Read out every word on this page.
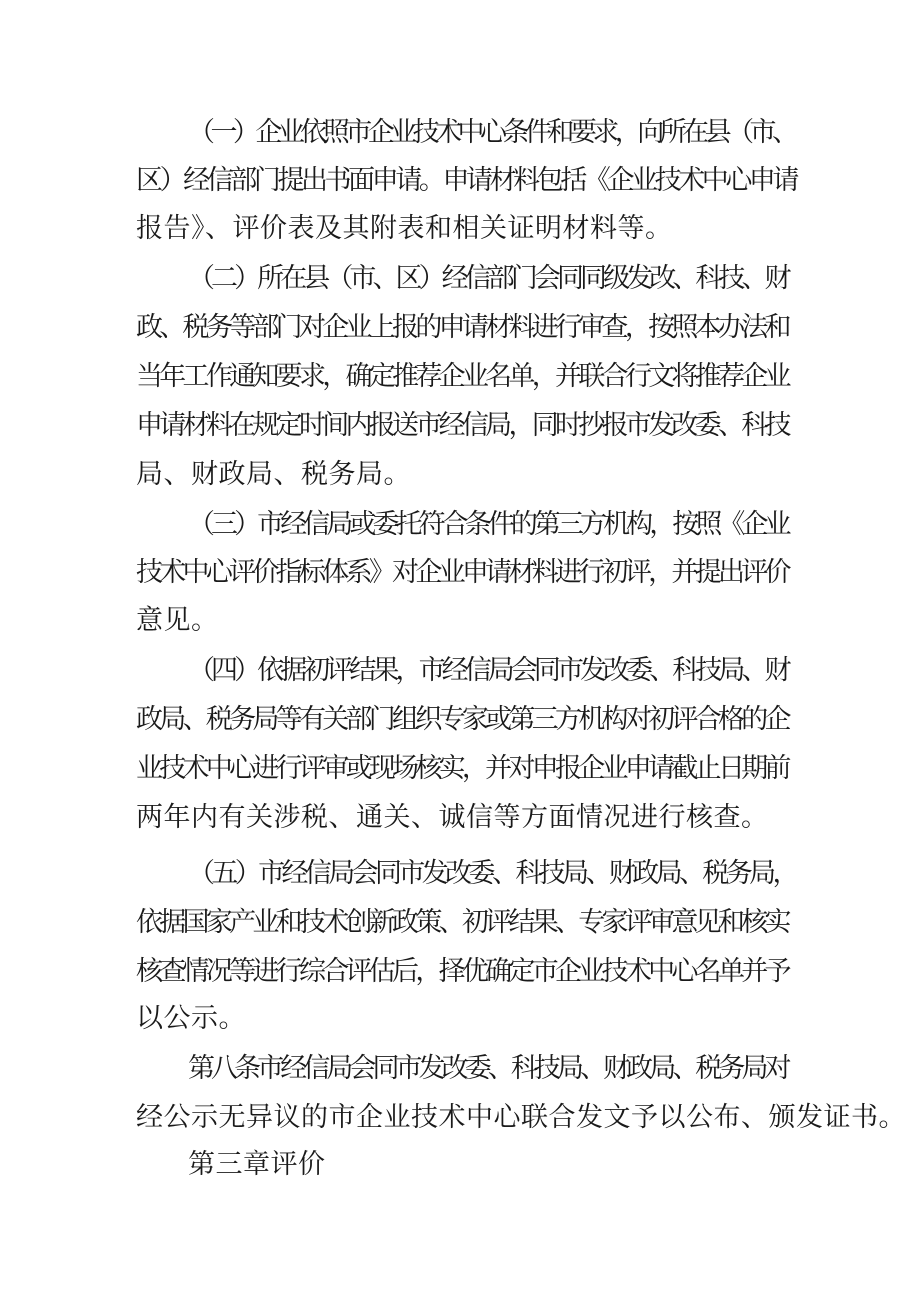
（一）企业依照市企业技术中心条件和要求，向所在县（市、
区）经信部门提出书面申请。申请材料包括《企业技术中心申请
报告》、评价表及其附表和相关证明材料等。
（二）所在县（市、区）经信部门会同同级发改、科技、财
政、税务等部门对企业上报的申请材料进行审查，按照本办法和
当年工作通知要求，确定推荐企业名单，并联合行文将推荐企业
申请材料在规定时间内报送市经信局，同时抄报市发改委、科技
局、财政局、税务局。
（三）市经信局或委托符合条件的第三方机构，按照《企业
技术中心评价指标体系》对企业申请材料进行初评，并提出评价
意见。
（四）依据初评结果，市经信局会同市发改委、科技局、财
政局、税务局等有关部门组织专家或第三方机构对初评合格的企
业技术中心进行评审或现场核实，并对申报企业申请截止日期前
两年内有关涉税、通关、诚信等方面情况进行核查。
（五）市经信局会同市发改委、科技局、财政局、税务局，
依据国家产业和技术创新政策、初评结果、专家评审意见和核实
核查情况等进行综合评估后，择优确定市企业技术中心名单并予
以公示。
第八条市经信局会同市发改委、科技局、财政局、税务局对
经公示无异议的市企业技术中心联合发文予以公布、颁发证书。
第三章评价
